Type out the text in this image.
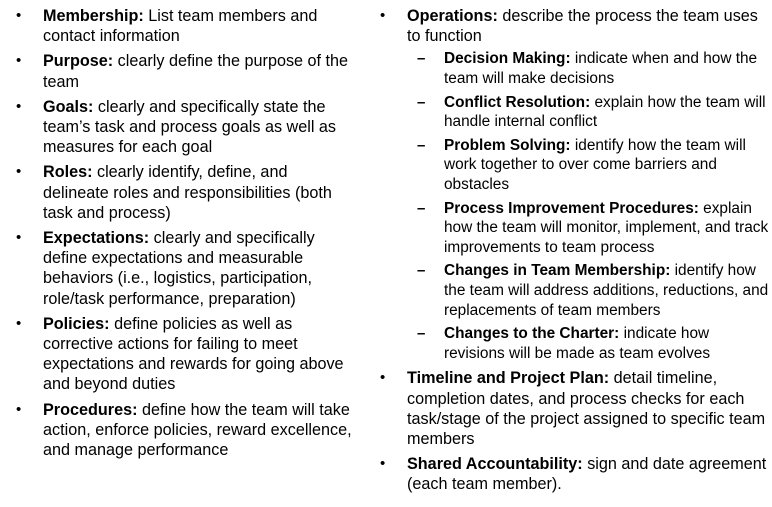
• Membership: List team members and contact information
• Purpose: clearly define the purpose of the team
• Goals: clearly and specifically state the team’s task and process goals as well as measures for each goal
• Roles: clearly identify, define, and delineate roles and responsibilities (both task and process)
• Expectations: clearly and specifically define expectations and measurable behaviors (i.e., logistics, participation, role/task performance, preparation)
• Policies: define policies as well as corrective actions for failing to meet expectations and rewards for going above and beyond duties
• Procedures: define how the team will take action, enforce policies, reward excellence, and manage performance
• Operations: describe the process the team uses to function
– Decision Making: indicate when and how the team will make decisions
– Conflict Resolution: explain how the team will handle internal conflict
– Problem Solving: identify how the team will work together to over come barriers and obstacles
– Process Improvement Procedures: explain how the team will monitor, implement, and track improvements to team process
– Changes in Team Membership: identify how the team will address additions, reductions, and replacements of team members
– Changes to the Charter: indicate how revisions will be made as team evolves
• Timeline and Project Plan: detail timeline, completion dates, and process checks for each task/stage of the project assigned to specific team members
• Shared Accountability: sign and date agreement (each team member).
